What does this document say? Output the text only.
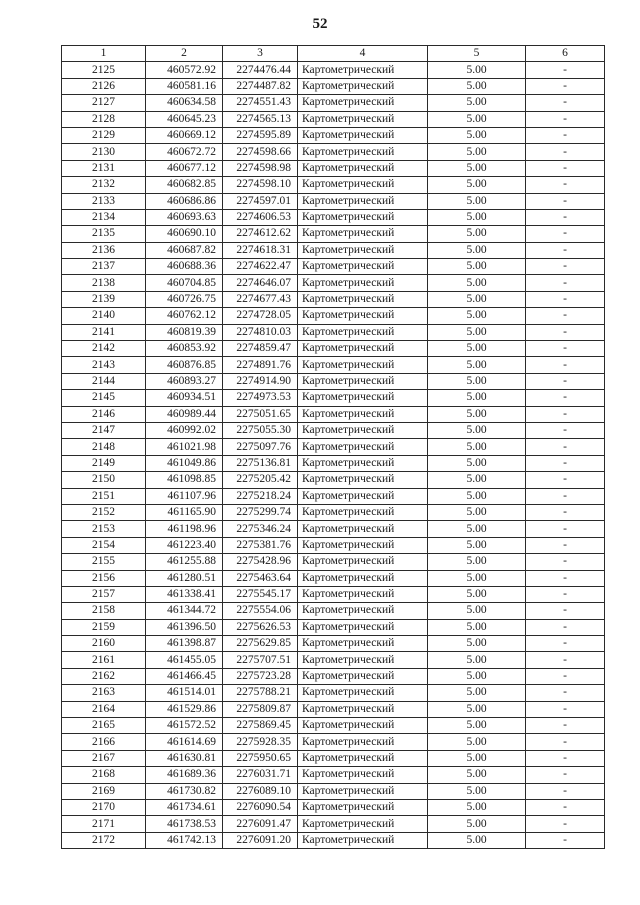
52
1	2	3	4	5	6
2125	460572.92	2274476.44	Картометрический	5.00	-
2126	460581.16	2274487.82	Картометрический	5.00	-
2127	460634.58	2274551.43	Картометрический	5.00	-
2128	460645.23	2274565.13	Картометрический	5.00	-
2129	460669.12	2274595.89	Картометрический	5.00	-
2130	460672.72	2274598.66	Картометрический	5.00	-
2131	460677.12	2274598.98	Картометрический	5.00	-
2132	460682.85	2274598.10	Картометрический	5.00	-
2133	460686.86	2274597.01	Картометрический	5.00	-
2134	460693.63	2274606.53	Картометрический	5.00	-
2135	460690.10	2274612.62	Картометрический	5.00	-
2136	460687.82	2274618.31	Картометрический	5.00	-
2137	460688.36	2274622.47	Картометрический	5.00	-
2138	460704.85	2274646.07	Картометрический	5.00	-
2139	460726.75	2274677.43	Картометрический	5.00	-
2140	460762.12	2274728.05	Картометрический	5.00	-
2141	460819.39	2274810.03	Картометрический	5.00	-
2142	460853.92	2274859.47	Картометрический	5.00	-
2143	460876.85	2274891.76	Картометрический	5.00	-
2144	460893.27	2274914.90	Картометрический	5.00	-
2145	460934.51	2274973.53	Картометрический	5.00	-
2146	460989.44	2275051.65	Картометрический	5.00	-
2147	460992.02	2275055.30	Картометрический	5.00	-
2148	461021.98	2275097.76	Картометрический	5.00	-
2149	461049.86	2275136.81	Картометрический	5.00	-
2150	461098.85	2275205.42	Картометрический	5.00	-
2151	461107.96	2275218.24	Картометрический	5.00	-
2152	461165.90	2275299.74	Картометрический	5.00	-
2153	461198.96	2275346.24	Картометрический	5.00	-
2154	461223.40	2275381.76	Картометрический	5.00	-
2155	461255.88	2275428.96	Картометрический	5.00	-
2156	461280.51	2275463.64	Картометрический	5.00	-
2157	461338.41	2275545.17	Картометрический	5.00	-
2158	461344.72	2275554.06	Картометрический	5.00	-
2159	461396.50	2275626.53	Картометрический	5.00	-
2160	461398.87	2275629.85	Картометрический	5.00	-
2161	461455.05	2275707.51	Картометрический	5.00	-
2162	461466.45	2275723.28	Картометрический	5.00	-
2163	461514.01	2275788.21	Картометрический	5.00	-
2164	461529.86	2275809.87	Картометрический	5.00	-
2165	461572.52	2275869.45	Картометрический	5.00	-
2166	461614.69	2275928.35	Картометрический	5.00	-
2167	461630.81	2275950.65	Картометрический	5.00	-
2168	461689.36	2276031.71	Картометрический	5.00	-
2169	461730.82	2276089.10	Картометрический	5.00	-
2170	461734.61	2276090.54	Картометрический	5.00	-
2171	461738.53	2276091.47	Картометрический	5.00	-
2172	461742.13	2276091.20	Картометрический	5.00	-
